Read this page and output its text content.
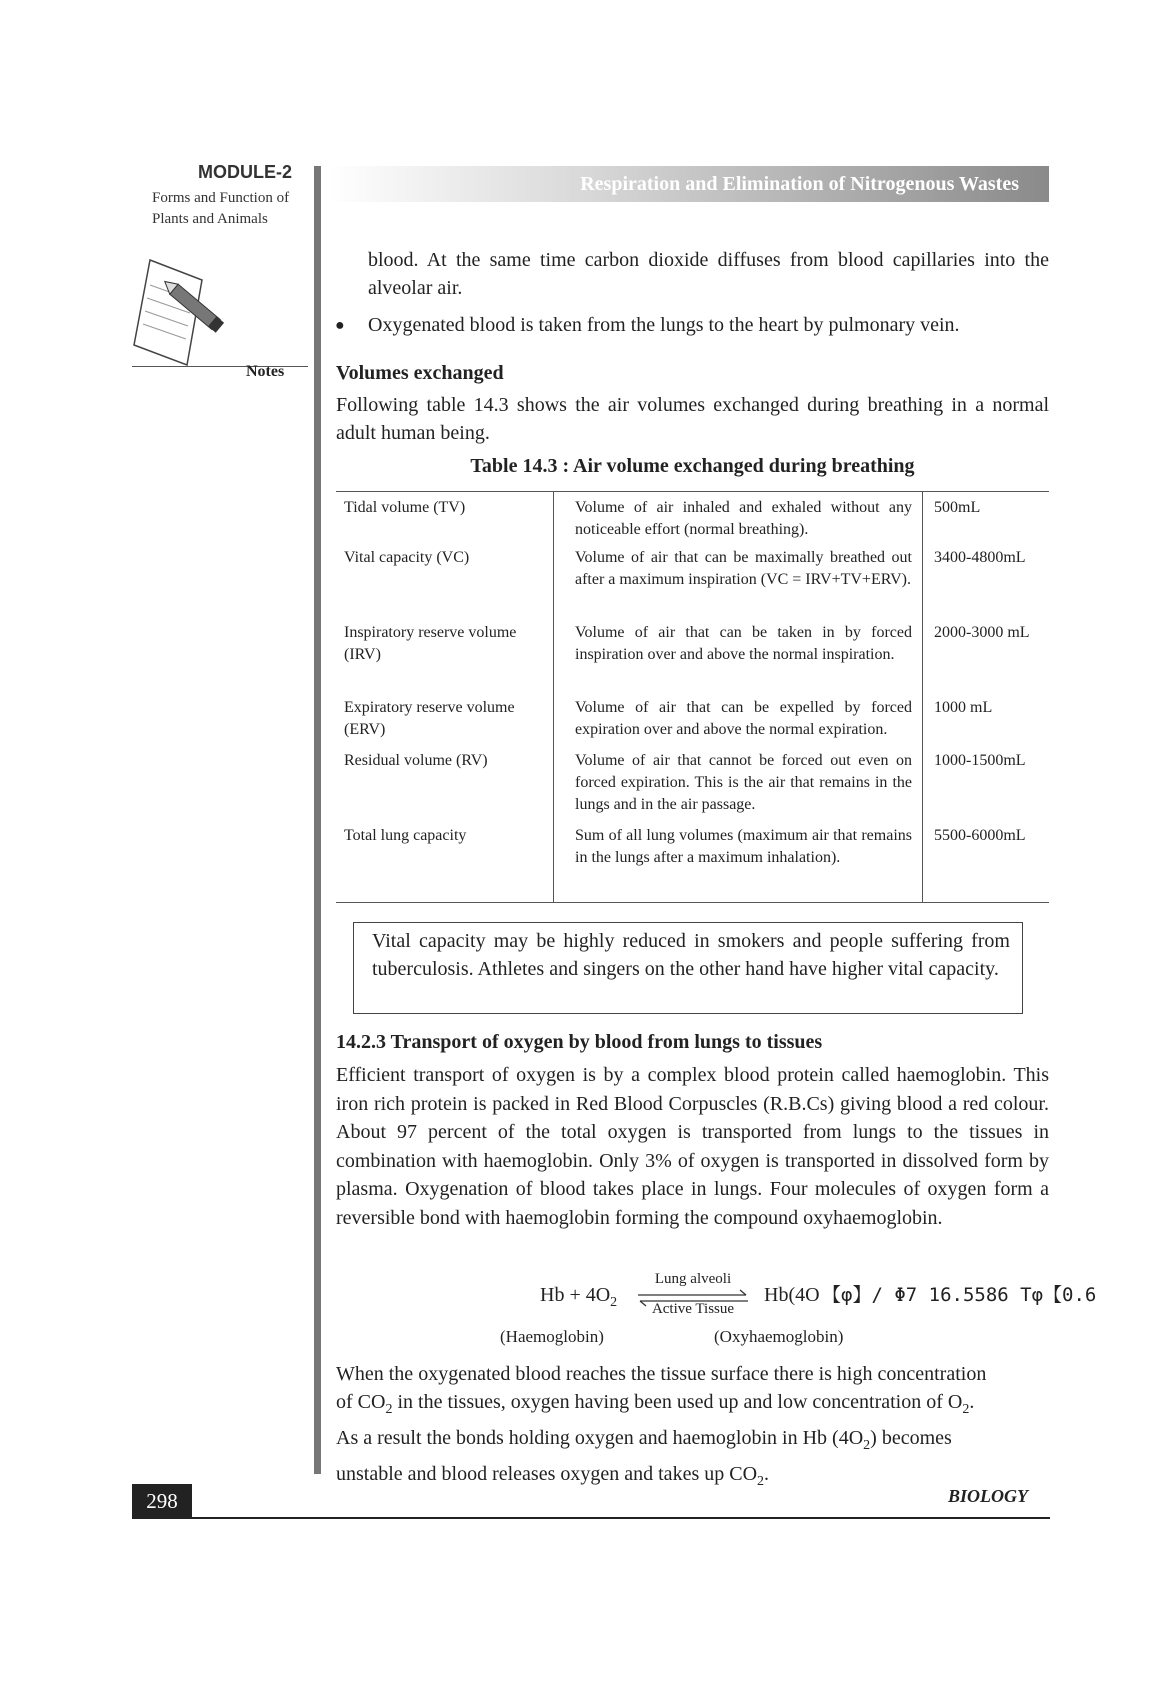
MODULE-2
Forms and Function of Plants and Animals
Notes
Respiration and Elimination of Nitrogenous Wastes
blood. At the same time carbon dioxide diffuses from blood capillaries into the alveolar air.
● Oxygenated blood is taken from the lungs to the heart by pulmonary vein.
Volumes exchanged
Following table 14.3 shows the air volumes exchanged during breathing in a normal adult human being.
Table 14.3 : Air volume exchanged during breathing
Tidal volume (TV)	Volume of air inhaled and exhaled without any noticeable effort (normal breathing).	500mL
Vital capacity (VC)	Volume of air that can be maximally breathed out after a maximum inspiration (VC = IRV+TV+ERV).	3400-4800mL
Inspiratory reserve volume (IRV)	Volume of air that can be taken in by forced inspiration over and above the normal inspiration.	2000-3000 mL
Expiratory reserve volume (ERV)	Volume of air that can be expelled by forced expiration over and above the normal expiration.	1000 mL
Residual volume (RV)	Volume of air that cannot be forced out even on forced expiration. This is the air that remains in the lungs and in the air passage.	1000-1500mL
Total lung capacity	Sum of all lung volumes (maximum air that remains in the lungs after a maximum inhalation).	5500-6000mL
Vital capacity may be highly reduced in smokers and people suffering from tuberculosis. Athletes and singers on the other hand have higher vital capacity.
14.2.3 Transport of oxygen by blood from lungs to tissues
Efficient transport of oxygen is by a complex blood protein called haemoglobin. This iron rich protein is packed in Red Blood Corpuscles (R.B.Cs) giving blood a red colour. About 97 percent of the total oxygen is transported from lungs to the tissues in combination with haemoglobin. Only 3% of oxygen is transported in dissolved form by plasma. Oxygenation of blood takes place in lungs. Four molecules of oxygen form a reversible bond with haemoglobin forming the compound oxyhaemoglobin.
$Hb + 4O_2$
Lung alveoli
Active Tissue
Hb(4O 【φ】/ Φ7 16.5586 Tφ【0.6
(Haemoglobin)	(Oxyhaemoglobin)
When the oxygenated blood reaches the tissue surface there is high concentration
of $CO_2$ in the tissues, oxygen having been used up and low concentration of $O_2$.
As a result the bonds holding oxygen and haemoglobin in Hb $(4O_2)$ becomes
unstable and blood releases oxygen and takes up $CO_2$.
298	BIOLOGY
